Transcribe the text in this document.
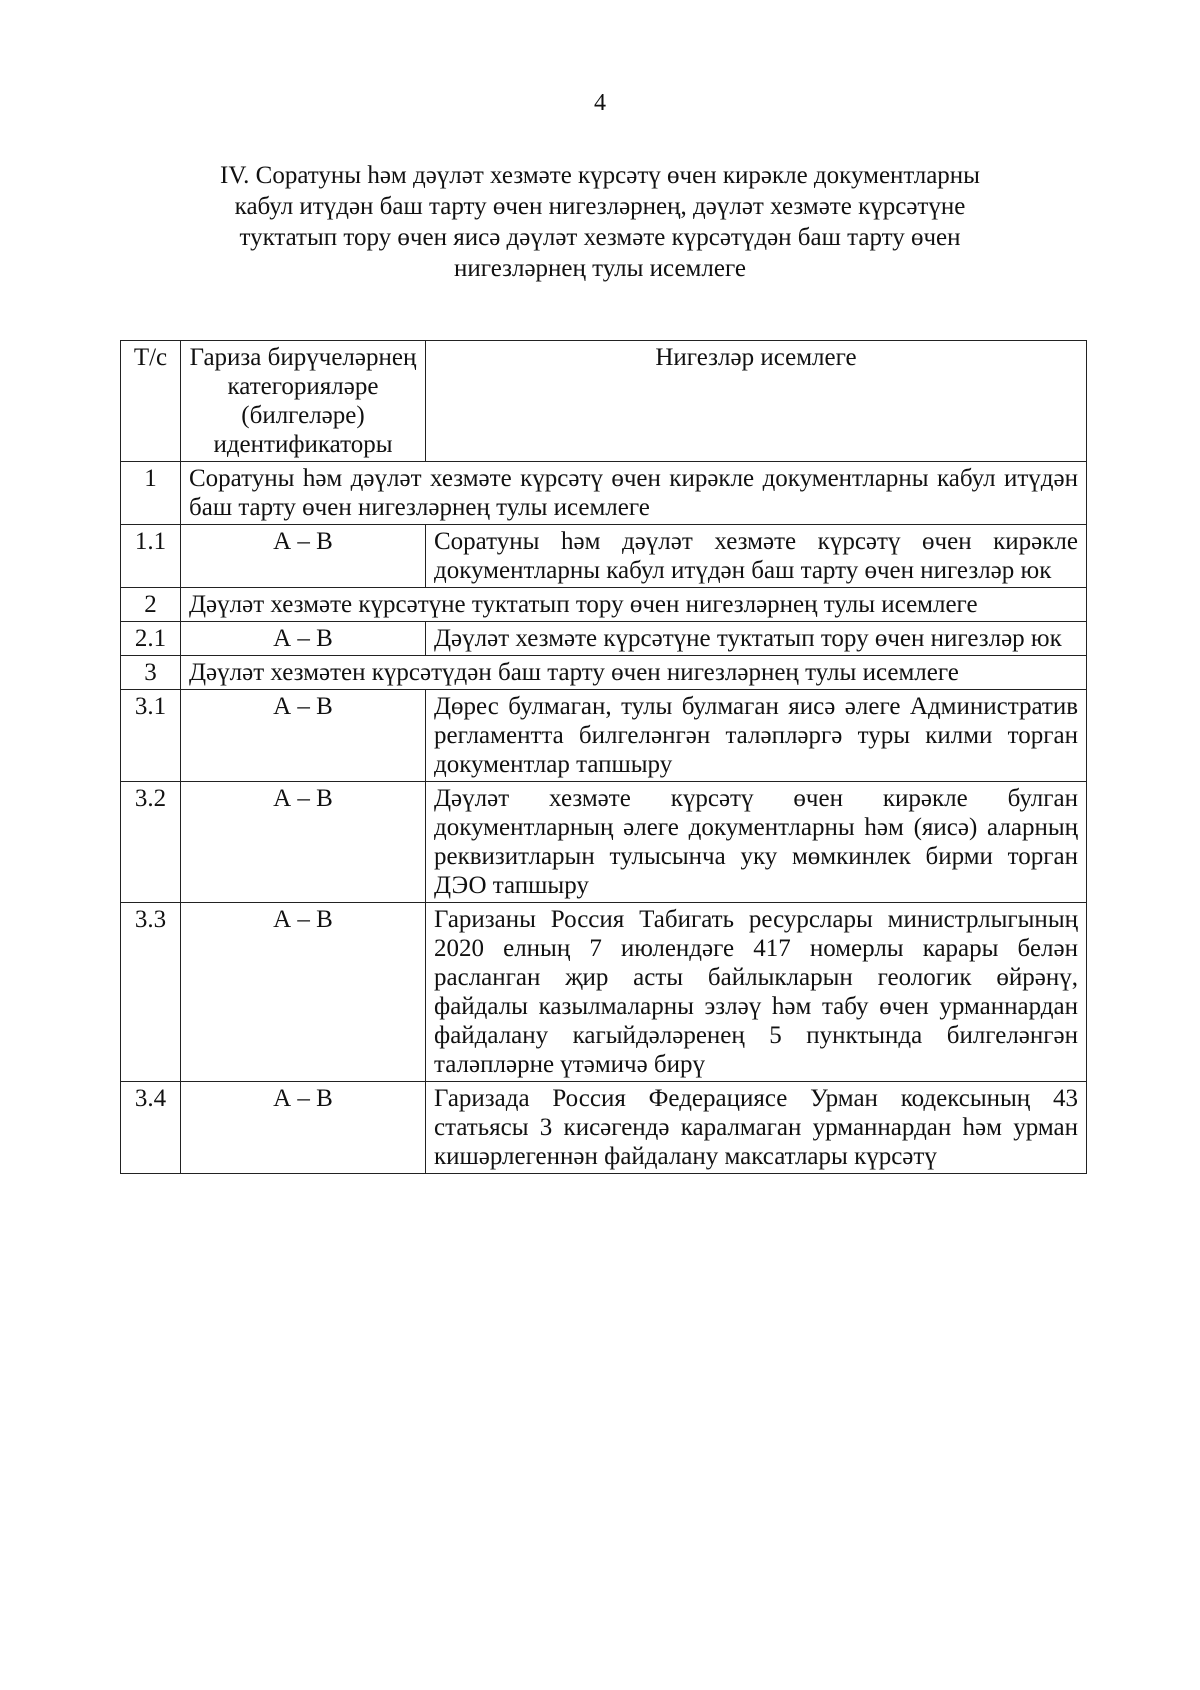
4
IV. Соратуны һәм дәүләт хезмәте күрсәтү өчен кирәкле документларны
кабул итүдән баш тарту өчен нигезләрнең, дәүләт хезмәте күрсәтүне
туктатып тору өчен яисә дәүләт хезмәте күрсәтүдән баш тарту өчен
нигезләрнең тулы исемлеге
Т/с	Гариза бирүчеләрнең категорияләре (билгеләре) идентификаторы	Нигезләр исемлеге
1	Соратуны һәм дәүләт хезмәте күрсәтү өчен кирәкле документларны кабул итүдән баш тарту өчен нигезләрнең тулы исемлеге	
1.1	А – В	Соратуны һәм дәүләт хезмәте күрсәтү өчен кирәкле документларны кабул итүдән баш тарту өчен нигезләр юк
2	Дәүләт хезмәте күрсәтүне туктатып тору өчен нигезләрнең тулы исемлеге	
2.1	А – В	Дәүләт хезмәте күрсәтүне туктатып тору өчен нигезләр юк
3	Дәүләт хезмәтен күрсәтүдән баш тарту өчен нигезләрнең тулы исемлеге	
3.1	А – В	Дөрес булмаган, тулы булмаган яисә әлеге Административ регламентта билгеләнгән таләпләргә туры килми торган документлар тапшыру
3.2	А – В	Дәүләт хезмәте күрсәтү өчен кирәкле булган документларның әлеге документларны һәм (яисә) аларның реквизитларын тулысынча уку мөмкинлек бирми торган ДЭО тапшыру
3.3	А – В	Гаризаны Россия Табигать ресурслары министрлыгының 2020 елның 7 июлендәге 417 номерлы карары белән расланган җир асты байлыкларын геологик өйрәнү, файдалы казылмаларны эзләү һәм табу өчен урманнардан файдалану кагыйдәләренең 5 пунктында билгеләнгән таләпләрне үтәмичә бирү
3.4	А – В	Гаризада Россия Федерациясе Урман кодексының 43 статьясы 3 кисәгендә каралмаган урманнардан һәм урман кишәрлегеннән файдалану максатлары күрсәтү
